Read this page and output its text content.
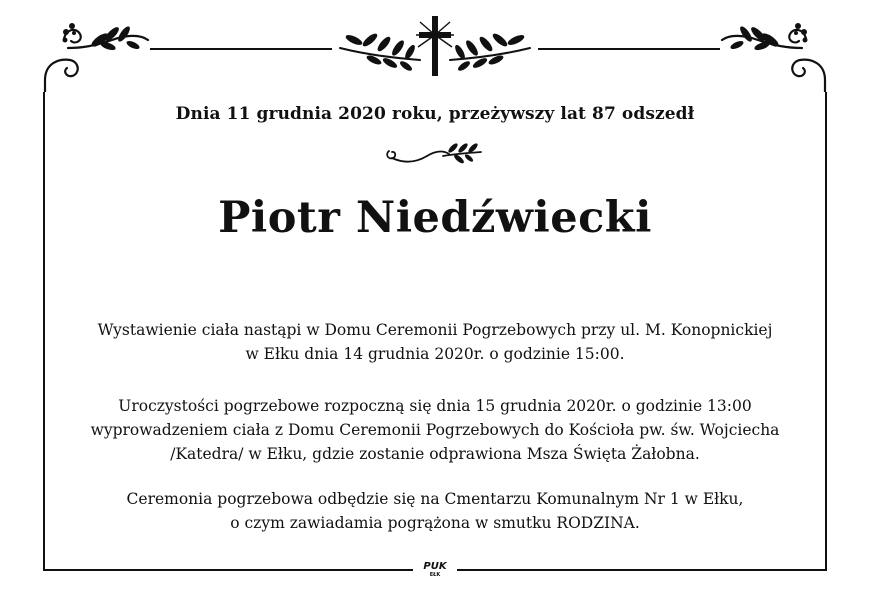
Dnia 11 grudnia 2020 roku, przeżywszy lat 87 odszedł
Piotr Niedźwiecki
Wystawienie ciała nastąpi w Domu Ceremonii Pogrzebowych przy ul. M. Konopnickiej
w Ełku dnia 14 grudnia 2020r. o godzinie 15:00.
Uroczystości pogrzebowe rozpoczną się dnia 15 grudnia 2020r. o godzinie 13:00
wyprowadzeniem ciała z Domu Ceremonii Pogrzebowych do Kościoła pw. św. Wojciecha
/Katedra/ w Ełku, gdzie zostanie odprawiona Msza Święta Żałobna.
Ceremonia pogrzebowa odbędzie się na Cmentarzu Komunalnym Nr 1 w Ełku,
o czym zawiadamia pogrążona w smutku RODZINA.
PUK
EŁK
